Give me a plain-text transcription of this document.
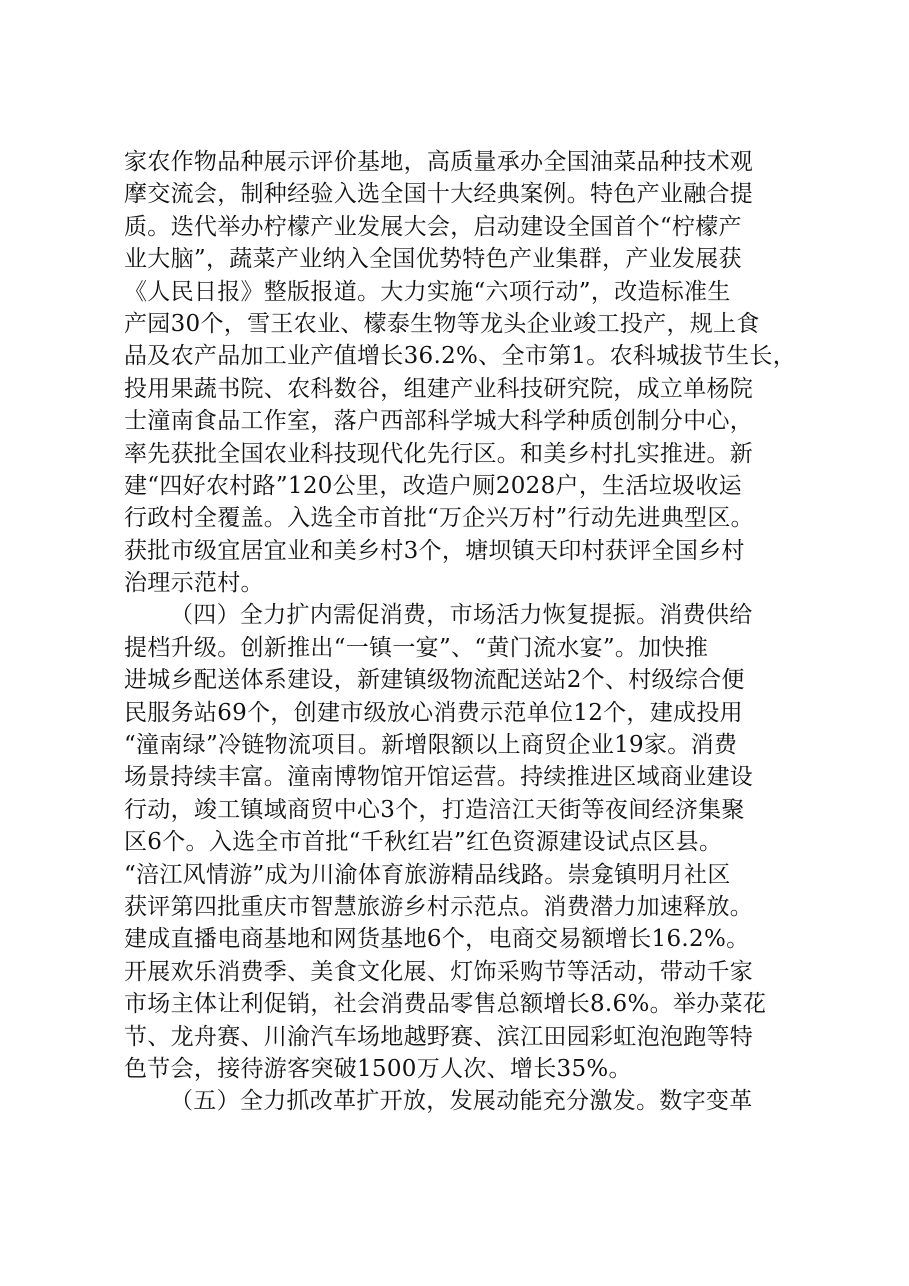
家农作物品种展示评价基地，高质量承办全国油菜品种技术观
摩交流会，制种经验入选全国十大经典案例。特色产业融合提
质。迭代举办柠檬产业发展大会，启动建设全国首个“柠檬产
业大脑”，蔬菜产业纳入全国优势特色产业集群，产业发展获
《人民日报》整版报道。大力实施“六项行动”，改造标准生
产园30个，雪王农业、檬泰生物等龙头企业竣工投产，规上食
品及农产品加工业产值增长36.2%、全市第1。农科城拔节生长，
投用果蔬书院、农科数谷，组建产业科技研究院，成立单杨院
士潼南食品工作室，落户西部科学城大科学种质创制分中心，
率先获批全国农业科技现代化先行区。和美乡村扎实推进。新
建“四好农村路”120公里，改造户厕2028户，生活垃圾收运
行政村全覆盖。入选全市首批“万企兴万村”行动先进典型区。
获批市级宜居宜业和美乡村3个，塘坝镇天印村获评全国乡村
治理示范村。
（四）全力扩内需促消费，市场活力恢复提振。消费供给
提档升级。创新推出“一镇一宴”、“黄门流水宴”。加快推
进城乡配送体系建设，新建镇级物流配送站2个、村级综合便
民服务站69个，创建市级放心消费示范单位12个，建成投用
“潼南绿”冷链物流项目。新增限额以上商贸企业19家。消费
场景持续丰富。潼南博物馆开馆运营。持续推进区域商业建设
行动，竣工镇域商贸中心3个，打造涪江天街等夜间经济集聚
区6个。入选全市首批“千秋红岩”红色资源建设试点区县。
“涪江风情游”成为川渝体育旅游精品线路。崇龛镇明月社区
获评第四批重庆市智慧旅游乡村示范点。消费潜力加速释放。
建成直播电商基地和网货基地6个，电商交易额增长16.2%。
开展欢乐消费季、美食文化展、灯饰采购节等活动，带动千家
市场主体让利促销，社会消费品零售总额增长8.6%。举办菜花
节、龙舟赛、川渝汽车场地越野赛、滨江田园彩虹泡泡跑等特
色节会，接待游客突破1500万人次、增长35%。
（五）全力抓改革扩开放，发展动能充分激发。数字变革
